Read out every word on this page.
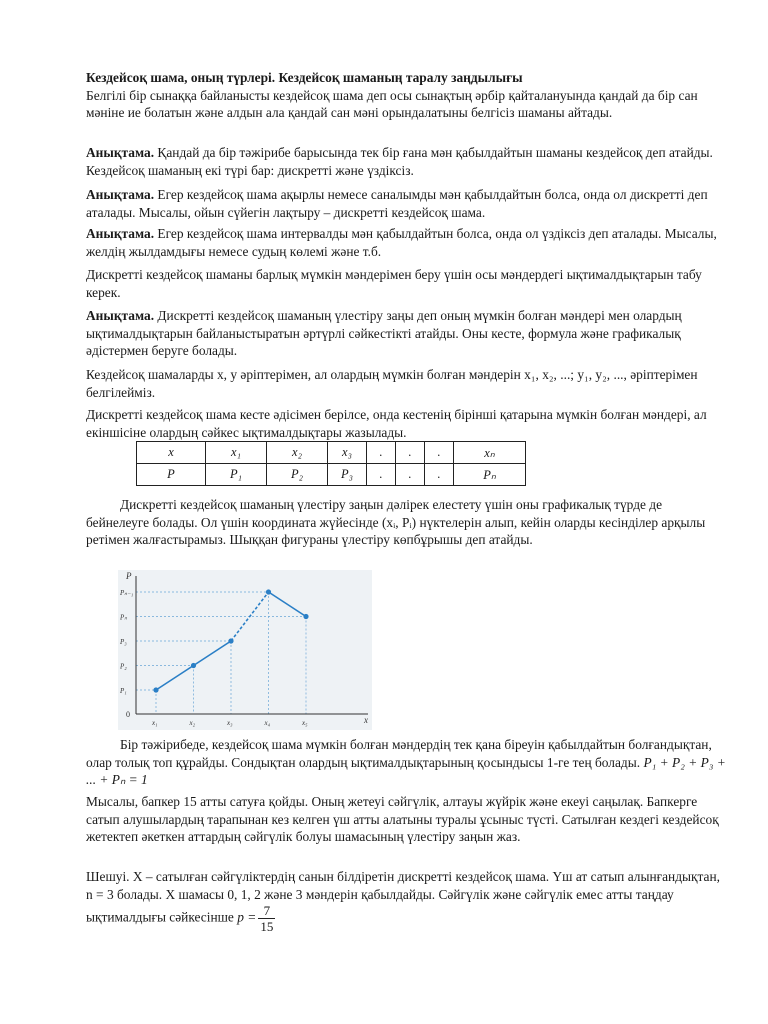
Кездейсоқ шама, оның түрлері. Кездейсоқ шаманың таралу заңдылығы
Белгілі бір сынаққа байланысты кездейсоқ шама деп осы сынақтың әрбір қайталануында қандай да бір сан мәніне ие болатын және алдын ала қандай сан мәні орындалатыны белгісіз шаманы айтады.
Анықтама. Қандай да бір тәжірибе барысында тек бір ғана мән қабылдайтын шаманы кездейсоқ деп атайды. Кездейсоқ шаманың екі түрі бар: дискретті және үздіксіз.
Анықтама. Егер кездейсоқ шама ақырлы немесе саналымды мән қабылдайтын болса, онда ол дискретті деп аталады. Мысалы, ойын сүйегін лақтыру – дискретті кездейсоқ шама.
Анықтама. Егер кездейсоқ шама интервалды мән қабылдайтын болса, онда ол үздіксіз деп аталады. Мысалы, желдің жылдамдығы немесе судың көлемі және т.б.
Дискретті кездейсоқ шаманы барлық мүмкін мәндерімен беру үшін осы мәндердегі ықтималдықтарын табу керек.
Анықтама. Дискретті кездейсоқ шаманың үлестіру заңы деп оның мүмкін болған мәндері мен олардың ықтималдықтарын байланыстыратын әртүрлі сәйкестікті атайды. Оны кесте, формула және графикалық әдістермен беруге болады.
Кездейсоқ шамаларды x, y әріптерімен, ал олардың мүмкін болған мәндерін x₁, x₂, ...; y₁, y₂, ..., әріптерімен белгілейміз.
Дискретті кездейсоқ шама кесте әдісімен берілсе, онда кестенің бірінші қатарына мүмкін болған мәндері, ал екіншісіне олардың сәйкес ықтималдықтары жазылады.
x	x₁	x₂	x₃	.	.	.	xₙ
P	P₁	P₂	P₃	.	.	.	Pₙ
Дискретті кездейсоқ шаманың үлестіру заңын дәлірек елестету үшін оны графикалық түрде де бейнелеуге болады. Ол үшін координата жүйесінде (xᵢ, Pᵢ) нүктелерін алып, кейін оларды кесінділер арқылы ретімен жалғастырамыз. Шыққан фигураны үлестіру көпбұрышы деп атайды.
P
x
0
x₁	x₂	x₃	x₄	x₅
P₁
P₂
P₃
Pₙ
Pₙ₋₁
Бір тәжірибеде, кездейсоқ шама мүмкін болған мәндердің тек қана біреуін қабылдайтын болғандықтан, олар толық топ құрайды. Сондықтан олардың ықтималдықтарының қосындысы 1-ге тең болады. P₁ + P₂ + P₃ + ... + Pₙ = 1
Мысалы, бапкер 15 атты сатуға қойды. Оның жетеуі сәйгүлік, алтауы жүйрік және екеуі саңылақ. Бапкерге сатып алушылардың тарапынан кез келген үш атты алатыны туралы ұсыныс түсті. Сатылған кездегі кездейсоқ жетектеп әкеткен аттардың сәйгүлік болуы шамасының үлестіру заңын жаз.
Шешуі. X – сатылған сәйгүліктердің санын білдіретін дискретті кездейсоқ шама. Үш ат сатып алынғандықтан, n = 3 болады. X шамасы 0, 1, 2 және 3 мәндерін қабылдайды. Сәйгүлік және сәйгүлік емес атты таңдау ықтималдығы сәйкесінше $p = \frac{7}{15}$
